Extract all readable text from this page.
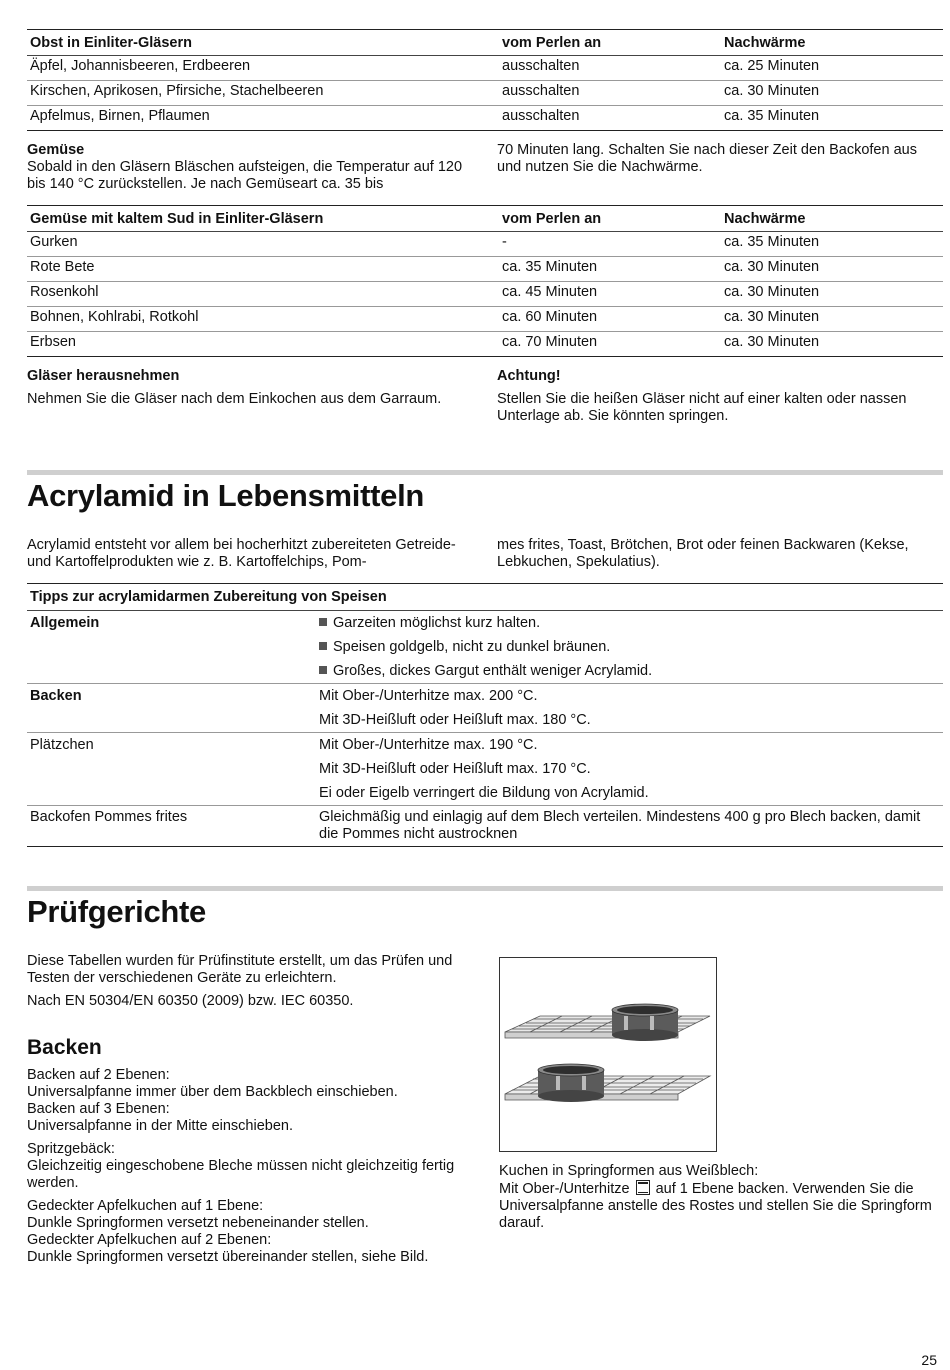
Obst in Einliter-Gläsern	vom Perlen an	Nachwärme
Äpfel, Johannisbeeren, Erdbeeren	ausschalten	ca. 25 Minuten
Kirschen, Aprikosen, Pfirsiche, Stachelbeeren	ausschalten	ca. 30 Minuten
Apfelmus, Birnen, Pflaumen	ausschalten	ca. 35 Minuten
Gemüse
Sobald in den Gläsern Bläschen aufsteigen, die Temperatur auf 120 bis 140 °C zurückstellen. Je nach Gemüseart ca. 35 bis
70 Minuten lang. Schalten Sie nach dieser Zeit den Backofen aus und nutzen Sie die Nachwärme.
Gemüse mit kaltem Sud in Einliter-Gläsern	vom Perlen an	Nachwärme
Gurken	-	ca. 35 Minuten
Rote Bete	ca. 35 Minuten	ca. 30 Minuten
Rosenkohl	ca. 45 Minuten	ca. 30 Minuten
Bohnen, Kohlrabi, Rotkohl	ca. 60 Minuten	ca. 30 Minuten
Erbsen	ca. 70 Minuten	ca. 30 Minuten
Gläser herausnehmen
Nehmen Sie die Gläser nach dem Einkochen aus dem Garraum.
Achtung!
Stellen Sie die heißen Gläser nicht auf einer kalten oder nassen Unterlage ab. Sie könnten springen.
Acrylamid in Lebensmitteln
Acrylamid entsteht vor allem bei hocherhitzt zubereiteten Getreide- und Kartoffelprodukten wie z. B. Kartoffelchips, Pom-
mes frites, Toast, Brötchen, Brot oder feinen Backwaren (Kekse, Lebkuchen, Spekulatius).
Tipps zur acrylamidarmen Zubereitung von Speisen	

Allgemein	Garzeiten möglichst kurz halten.
Speisen goldgelb, nicht zu dunkel bräunen.
Großes, dickes Gargut enthält weniger Acrylamid.

Backen	Mit Ober-/Unterhitze max. 200 °C.
Mit 3D-Heißluft oder Heißluft max. 180 °C.

Plätzchen	Mit Ober-/Unterhitze max. 190 °C.
Mit 3D-Heißluft oder Heißluft max. 170 °C.
Ei oder Eigelb verringert die Bildung von Acrylamid.

Backofen Pommes frites	Gleichmäßig und einlagig auf dem Blech verteilen. Mindestens 400 g pro Blech backen, damit die Pommes nicht austrocknen
Prüfgerichte

Diese Tabellen wurden für Prüfinstitute erstellt, um das Prüfen und Testen der verschiedenen Geräte zu erleichtern.

Nach EN 50304/EN 60350 (2009) bzw. IEC 60350.

Backen

Backen auf 2 Ebenen:
Universalpfanne immer über dem Backblech einschieben.
Backen auf 3 Ebenen:
Universalpfanne in der Mitte einschieben.

Spritzgebäck:
Gleichzeitig eingeschobene Bleche müssen nicht gleichzeitig fertig werden.

Gedeckter Apfelkuchen auf 1 Ebene:
Dunkle Springformen versetzt nebeneinander stellen.
Gedeckter Apfelkuchen auf 2 Ebenen:
Dunkle Springformen versetzt übereinander stellen, siehe Bild.

Kuchen in Springformen aus Weißblech:
Mit Ober-/Unterhitze auf 1 Ebene backen. Verwenden Sie die Universalpfanne anstelle des Rostes und stellen Sie die Springform darauf.
25
